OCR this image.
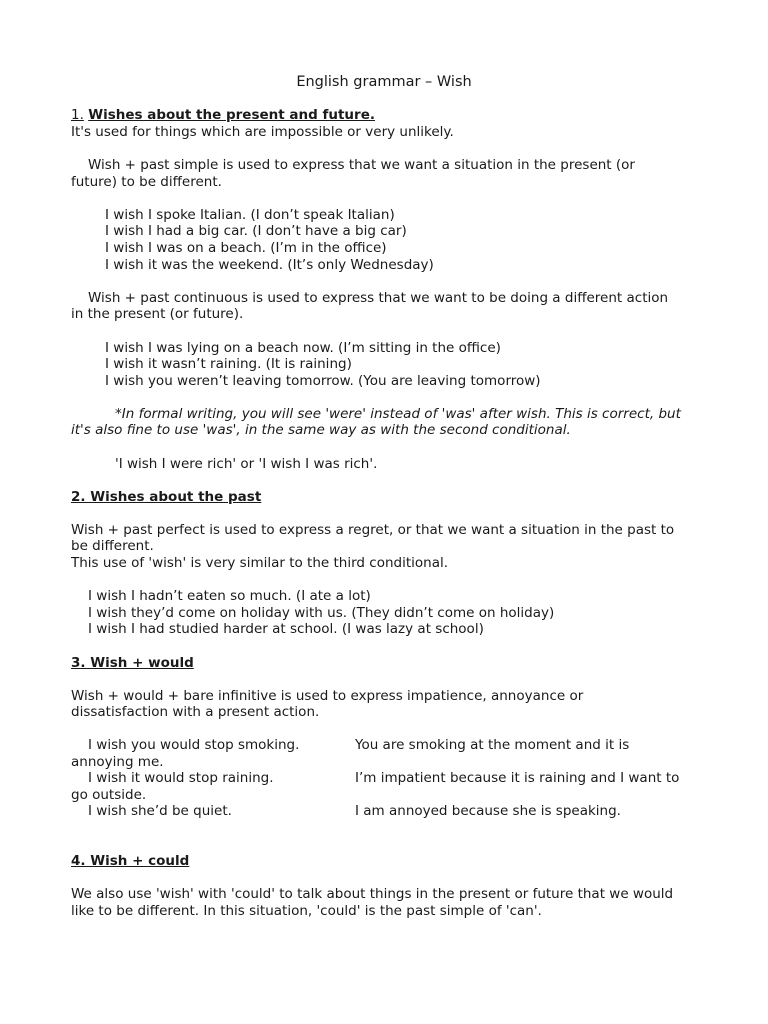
English grammar – Wish
1. Wishes about the present and future.
It's used for things which are impossible or very unlikely.
Wish + past simple is used to express that we want a situation in the present (or
future) to be different.
I wish I spoke Italian. (I don’t speak Italian)
I wish I had a big car. (I don’t have a big car)
I wish I was on a beach. (I’m in the office)
I wish it was the weekend. (It’s only Wednesday)
Wish + past continuous is used to express that we want to be doing a different action
in the present (or future).
I wish I was lying on a beach now. (I’m sitting in the office)
I wish it wasn’t raining. (It is raining)
I wish you weren’t leaving tomorrow. (You are leaving tomorrow)
*In formal writing, you will see 'were' instead of 'was' after wish. This is correct, but
it's also fine to use 'was', in the same way as with the second conditional.
'I wish I were rich' or 'I wish I was rich'.
2. Wishes about the past
Wish + past perfect is used to express a regret, or that we want a situation in the past to
be different.
This use of 'wish' is very similar to the third conditional.
I wish I hadn’t eaten so much. (I ate a lot)
I wish they’d come on holiday with us. (They didn’t come on holiday)
I wish I had studied harder at school. (I was lazy at school)
3. Wish + would
Wish + would + bare infinitive is used to express impatience, annoyance or
dissatisfaction with a present action.
I wish you would stop smoking.	You are smoking at the moment and it is
annoying me.
I wish it would stop raining.	I’m impatient because it is raining and I want to
go outside.
I wish she’d be quiet.	I am annoyed because she is speaking.
4. Wish + could
We also use 'wish' with 'could' to talk about things in the present or future that we would
like to be different. In this situation, 'could' is the past simple of 'can'.
